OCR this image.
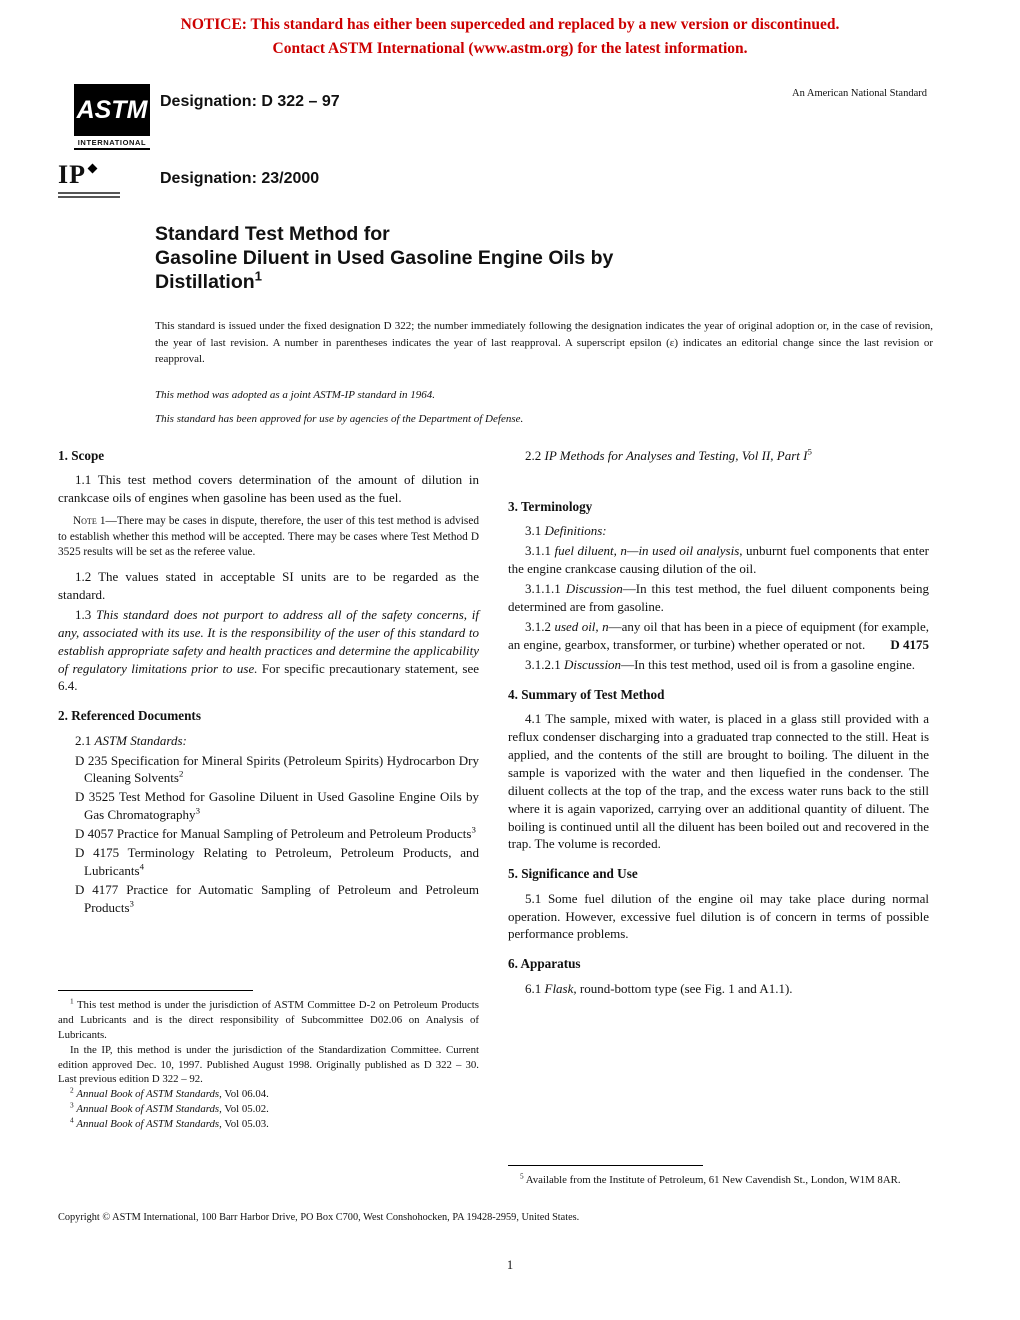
NOTICE: This standard has either been superceded and replaced by a new version or discontinued.
Contact ASTM International (www.astm.org) for the latest information.
ASTM
INTERNATIONAL
Designation: D 322 – 97	An American National Standard
IP	Designation: 23/2000
Standard Test Method for
Gasoline Diluent in Used Gasoline Engine Oils by
Distillation$^1$
This standard is issued under the fixed designation D 322; the number immediately following the designation indicates the year of original adoption or, in the case of revision, the year of last revision. A number in parentheses indicates the year of last reapproval. A superscript epsilon (ε) indicates an editorial change since the last revision or reapproval.
This method was adopted as a joint ASTM-IP standard in 1964.
This standard has been approved for use by agencies of the Department of Defense.
1. Scope

1.1 This test method covers determination of the amount of dilution in crankcase oils of engines when gasoline has been used as the fuel.

Note 1—There may be cases in dispute, therefore, the user of this test method is advised to establish whether this method will be accepted. There may be cases where Test Method D 3525 results will be set as the referee value.

1.2 The values stated in acceptable SI units are to be regarded as the standard.

1.3 This standard does not purport to address all of the safety concerns, if any, associated with its use. It is the responsibility of the user of this standard to establish appropriate safety and health practices and determine the applicability of regulatory limitations prior to use. For specific precautionary statement, see 6.4.

2. Referenced Documents

2.1 ASTM Standards:

D 235 Specification for Mineral Spirits (Petroleum Spirits) Hydrocarbon Dry Cleaning Solvents$^2$

D 3525 Test Method for Gasoline Diluent in Used Gasoline Engine Oils by Gas Chromatography$^3$

D 4057 Practice for Manual Sampling of Petroleum and Petroleum Products$^3$

D 4175 Terminology Relating to Petroleum, Petroleum Products, and Lubricants$^4$

D 4177 Practice for Automatic Sampling of Petroleum and Petroleum Products$^3$

$^1$ This test method is under the jurisdiction of ASTM Committee D-2 on Petroleum Products and Lubricants and is the direct responsibility of Subcommittee D02.06 on Analysis of Lubricants.

In the IP, this method is under the jurisdiction of the Standardization Committee. Current edition approved Dec. 10, 1997. Published August 1998. Originally published as D 322 – 30. Last previous edition D 322 – 92.

$^2$ Annual Book of ASTM Standards, Vol 06.04.

$^3$ Annual Book of ASTM Standards, Vol 05.02.

$^4$ Annual Book of ASTM Standards, Vol 05.03.

2.2 IP Methods for Analyses and Testing, Vol II, Part $I^5$

3. Terminology

3.1 Definitions:

3.1.1 fuel diluent, n—in used oil analysis, unburnt fuel components that enter the engine crankcase causing dilution of the oil.

3.1.1.1 Discussion—In this test method, the fuel diluent components being determined are from gasoline.

3.1.2 used oil, n—any oil that has been in a piece of equipment (for example, an engine, gearbox, transformer, or turbine) whether operated or not.	D 4175

3.1.2.1 Discussion—In this test method, used oil is from a gasoline engine.

4. Summary of Test Method

4.1 The sample, mixed with water, is placed in a glass still provided with a reflux condenser discharging into a graduated trap connected to the still. Heat is applied, and the contents of the still are brought to boiling. The diluent in the sample is vaporized with the water and then liquefied in the condenser. The diluent collects at the top of the trap, and the excess water runs back to the still where it is again vaporized, carrying over an additional quantity of diluent. The boiling is continued until all the diluent has been boiled out and recovered in the trap. The volume is recorded.

5. Significance and Use

5.1 Some fuel dilution of the engine oil may take place during normal operation. However, excessive fuel dilution is of concern in terms of possible performance problems.

6. Apparatus

6.1 Flask, round-bottom type (see Fig. 1 and A1.1).

$^5$ Available from the Institute of Petroleum, 61 New Cavendish St., London, W1M 8AR.

Copyright © ASTM International, 100 Barr Harbor Drive, PO Box C700, West Conshohocken, PA 19428-2959, United States.
1
